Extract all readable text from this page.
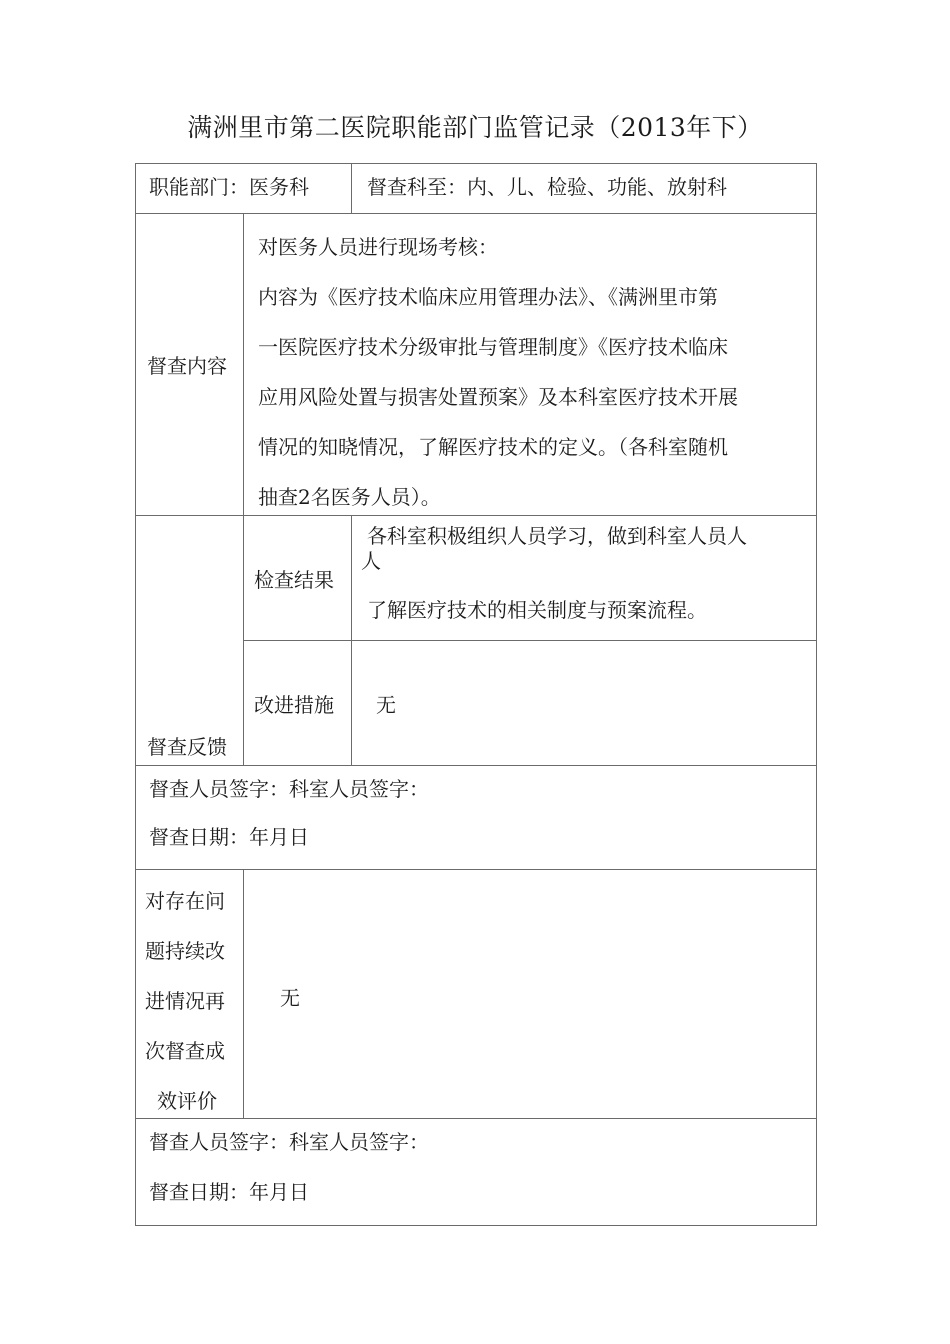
满洲里市第二医院职能部门监管记录（2013年下）
职能部门：医务科	督查科至：内、儿、检验、功能、放射科
督查内容
对医务人员进行现场考核：
内容为《医疗技术临床应用管理办法》、《满洲里市第
一医院医疗技术分级审批与管理制度》《医疗技术临床
应用风险处置与损害处置预案》及本科室医疗技术开展
情况的知晓情况，了解医疗技术的定义。（各科室随机
抽查2名医务人员）。
督查反馈
检查结果
各科室积极组织人员学习，做到科室人员人
人
了解医疗技术的相关制度与预案流程。
改进措施 无
督查人员签字：科室人员签字：
督查日期：年月日
对存在问
题持续改
进情况再
次督查成
效评价
无
督查人员签字：科室人员签字：
督查日期：年月日
